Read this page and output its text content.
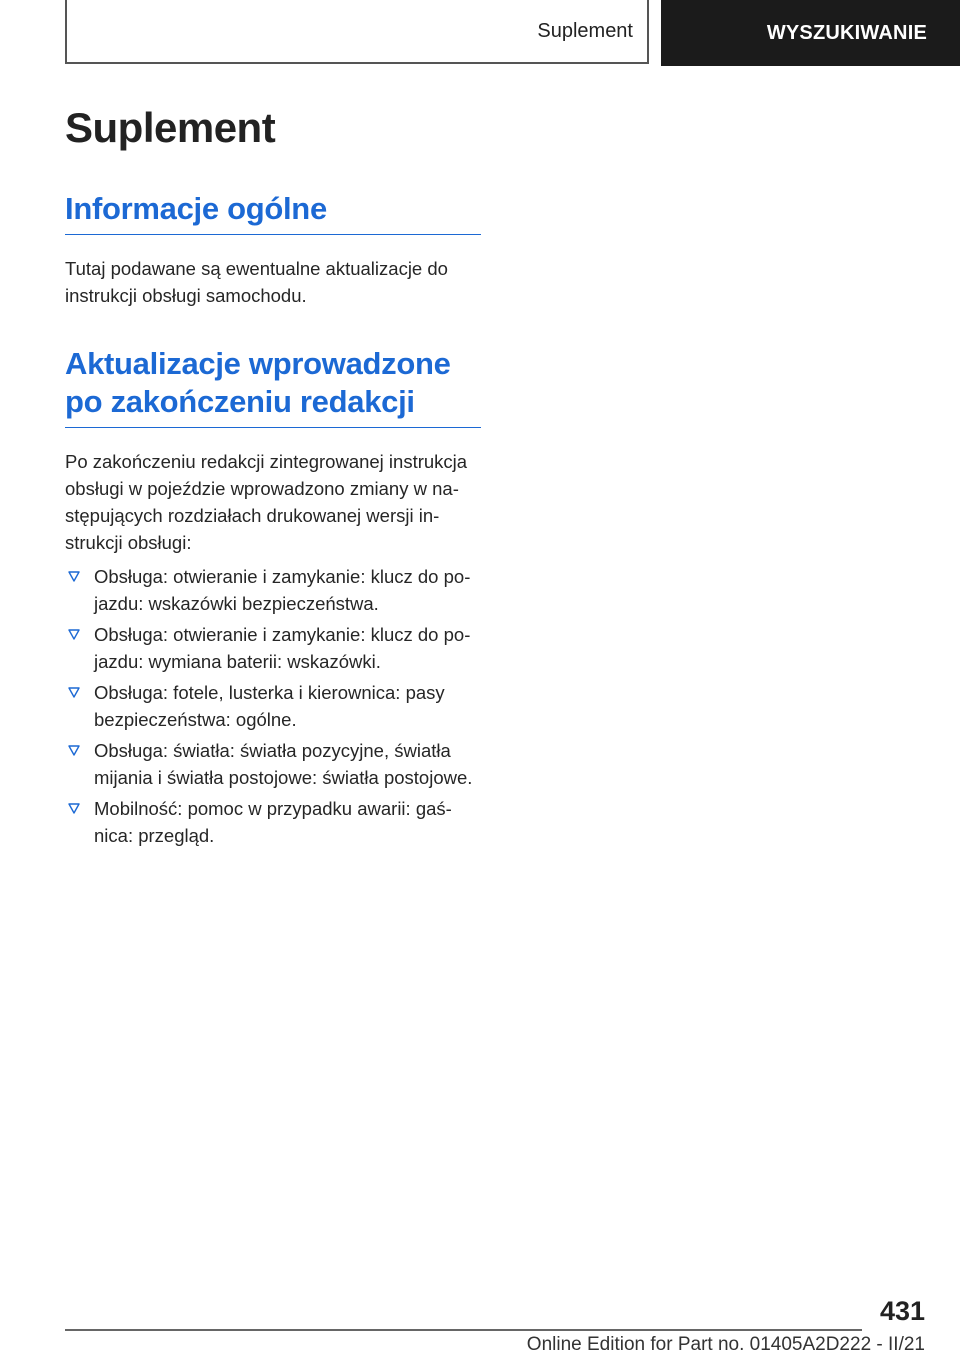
Suplement	WYSZUKIWANIE
Suplement
Informacje ogólne

Tutaj podawane są ewentualne aktualizacje do instrukcji obsługi samochodu.

Aktualizacje wprowadzone
po zakończeniu redakcji

Po zakończeniu redakcji zintegrowanej instrukcja obsługi w pojeździe wprowadzono zmiany w następujących rozdziałach drukowanej wersji instrukcji obsługi:

Obsługa: otwieranie i zamykanie: klucz do pojazdu: wskazówki bezpieczeństwa.
Obsługa: otwieranie i zamykanie: klucz do pojazdu: wymiana baterii: wskazówki.
Obsługa: fotele, lusterka i kierownica: pasy bezpieczeństwa: ogólne.
Obsługa: światła: światła pozycyjne, światła mijania i światła postojowe: światła postojowe.
Mobilność: pomoc w przypadku awarii: gaśnica: przegląd.
431
Online Edition for Part no. 01405A2D222 - II/21
